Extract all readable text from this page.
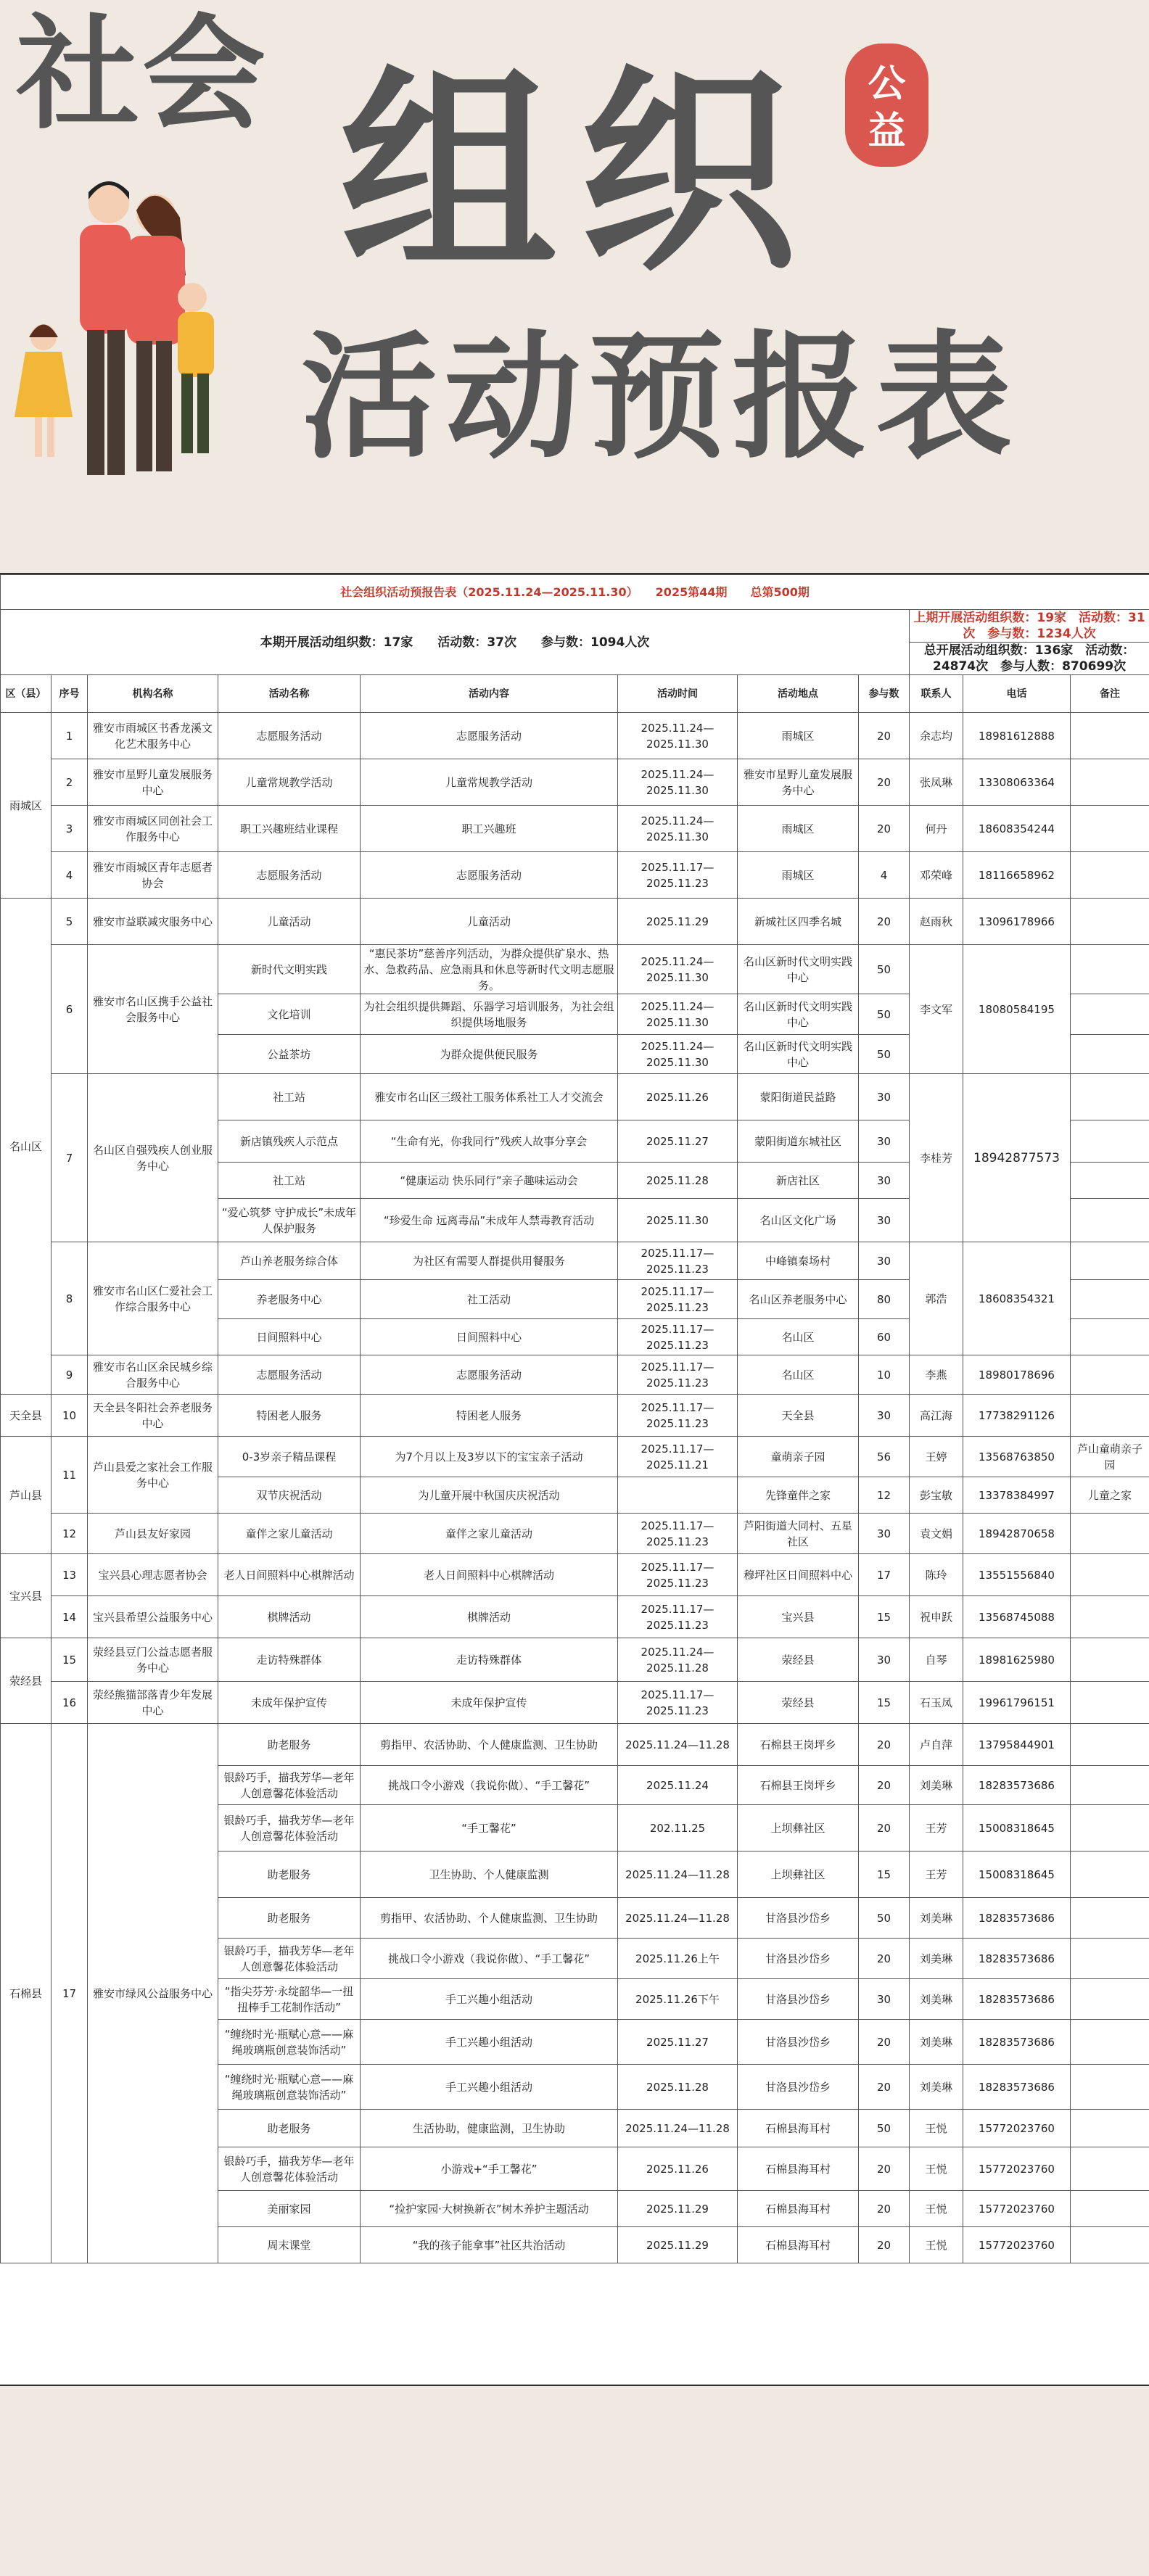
社会 组织
活动预报表
公
益
社会组织活动预报告表（2025.11.24—2025.11.30）　　2025第44期　　总第500期										
本期开展活动组织数：17家　　活动数：37次　　参与数：1094人次								上期开展活动组织数：19家　活动数：31次　参与数：1234人次		
								总开展活动组织数：136家　活动数：24874次　参与人数：870699次		
区（县）	序号	机构名称	活动名称	活动内容	活动时间	活动地点	参与数	联系人	电话	备注
雨城区	1	雅安市雨城区书香龙溪文化艺术服务中心	志愿服务活动	志愿服务活动	2025.11.24—2025.11.30	雨城区	20	余志均	18981612888	
	2	雅安市星野儿童发展服务中心	儿童常规教学活动	儿童常规教学活动	2025.11.24—2025.11.30	雅安市星野儿童发展服务中心	20	张凤琳	13308063364	
	3	雅安市雨城区同创社会工作服务中心	职工兴趣班结业课程	职工兴趣班	2025.11.24—2025.11.30	雨城区	20	何丹	18608354244	
	4	雅安市雨城区青年志愿者协会	志愿服务活动	志愿服务活动	2025.11.17—2025.11.23	雨城区	4	邓荣峰	18116658962	
名山区	5	雅安市益联减灾服务中心	儿童活动	儿童活动	2025.11.29	新城社区四季名城	20	赵雨秋	13096178966	
	6	雅安市名山区携手公益社会服务中心	新时代文明实践	“惠民茶坊”慈善序列活动，为群众提供矿泉水、热水、急救药品、应急雨具和休息等新时代文明志愿服务。	2025.11.24—2025.11.30	名山区新时代文明实践中心	50	李文军	18080584195	
			文化培训	为社会组织提供舞蹈、乐器学习培训服务，为社会组织提供场地服务	2025.11.24—2025.11.30	名山区新时代文明实践中心	50			
			公益茶坊	为群众提供便民服务	2025.11.24—2025.11.30	名山区新时代文明实践中心	50			
	7	名山区自强残疾人创业服务中心	社工站	雅安市名山区三级社工服务体系社工人才交流会	2025.11.26	蒙阳街道民益路	30	李桂芳	18942877573	
			新店镇残疾人示范点	“生命有光，你我同行”残疾人故事分享会	2025.11.27	蒙阳街道东城社区	30			
			社工站	“健康运动 快乐同行”亲子趣味运动会	2025.11.28	新店社区	30			
			“爱心筑梦 守护成长”未成年人保护服务	“珍爱生命 远离毒品”未成年人禁毒教育活动	2025.11.30	名山区文化广场	30			
	8	雅安市名山区仁爱社会工作综合服务中心	芦山养老服务综合体	为社区有需要人群提供用餐服务	2025.11.17—2025.11.23	中峰镇秦场村	30	郭浩	18608354321	
			养老服务中心	社工活动	2025.11.17—2025.11.23	名山区养老服务中心	80			
			日间照料中心	日间照料中心	2025.11.17—2025.11.23	名山区	60			
	9	雅安市名山区余民城乡综合服务中心	志愿服务活动	志愿服务活动	2025.11.17—2025.11.23	名山区	10	李燕	18980178696	
天全县	10	天全县冬阳社会养老服务中心	特困老人服务	特困老人服务	2025.11.17—2025.11.23	天全县	30	高江海	17738291126	
芦山县	11	芦山县爱之家社会工作服务中心	0-3岁亲子精品课程	为7个月以上及3岁以下的宝宝亲子活动	2025.11.17—2025.11.21	童萌亲子园	56	王婷	13568763850	芦山童萌亲子园
			双节庆祝活动	为儿童开展中秋国庆庆祝活动		先锋童伴之家	12	彭宝敏	13378384997	儿童之家
	12	芦山县友好家园	童伴之家儿童活动	童伴之家儿童活动	2025.11.17—2025.11.23	芦阳街道大同村、五星社区	30	袁文娟	18942870658	
宝兴县	13	宝兴县心理志愿者协会	老人日间照料中心棋牌活动	老人日间照料中心棋牌活动	2025.11.17—2025.11.23	穆坪社区日间照料中心	17	陈玲	13551556840	
	14	宝兴县希望公益服务中心	棋牌活动	棋牌活动	2025.11.17—2025.11.23	宝兴县	15	祝申跃	13568745088	
荥经县	15	荥经县豆门公益志愿者服务中心	走访特殊群体	走访特殊群体	2025.11.24—2025.11.28	荥经县	30	自琴	18981625980	
	16	荥经熊猫部落青少年发展中心	未成年保护宣传	未成年保护宣传	2025.11.17—2025.11.23	荥经县	15	石玉凤	19961796151	
石棉县	17	雅安市绿风公益服务中心	助老服务	剪指甲、农活协助、个人健康监测、卫生协助	2025.11.24—11.28	石棉县王岗坪乡	20	卢自萍	13795844901	
			银龄巧手，描我芳华—老年人创意馨花体验活动	挑战口令小游戏（我说你做）、“手工馨花”	2025.11.24	石棉县王岗坪乡	20	刘美琳	18283573686	
			银龄巧手，描我芳华—老年人创意馨花体验活动	“手工馨花”	202.11.25	上坝彝社区	20	王芳	15008318645	
			助老服务	卫生协助、个人健康监测	2025.11.24—11.28	上坝彝社区	15	王芳	15008318645	
			助老服务	剪指甲、农活协助、个人健康监测、卫生协助	2025.11.24—11.28	甘洛县沙岱乡	50	刘美琳	18283573686	
			银龄巧手，描我芳华—老年人创意馨花体验活动	挑战口令小游戏（我说你做）、“手工馨花”	2025.11.26上午	甘洛县沙岱乡	20	刘美琳	18283573686	
			“指尖芬芳·永绽韶华—一扭扭棒手工花制作活动”	手工兴趣小组活动	2025.11.26下午	甘洛县沙岱乡	30	刘美琳	18283573686	
			“缠绕时光·瓶赋心意——麻绳玻璃瓶创意装饰活动”	手工兴趣小组活动	2025.11.27	甘洛县沙岱乡	20	刘美琳	18283573686	
			“缠绕时光·瓶赋心意——麻绳玻璃瓶创意装饰活动”	手工兴趣小组活动	2025.11.28	甘洛县沙岱乡	20	刘美琳	18283573686	
			助老服务	生活协助，健康监测，卫生协助	2025.11.24—11.28	石棉县海耳村	50	王悦	15772023760	
			银龄巧手，描我芳华—老年人创意馨花体验活动	小游戏+“手工馨花”	2025.11.26	石棉县海耳村	20	王悦	15772023760	
			美丽家园	“捡护家园·大树换新衣”树木养护主题活动	2025.11.29	石棉县海耳村	20	王悦	15772023760	
			周末课堂	“我的孩子能拿事”社区共治活动	2025.11.29	石棉县海耳村	20	王悦	15772023760	
